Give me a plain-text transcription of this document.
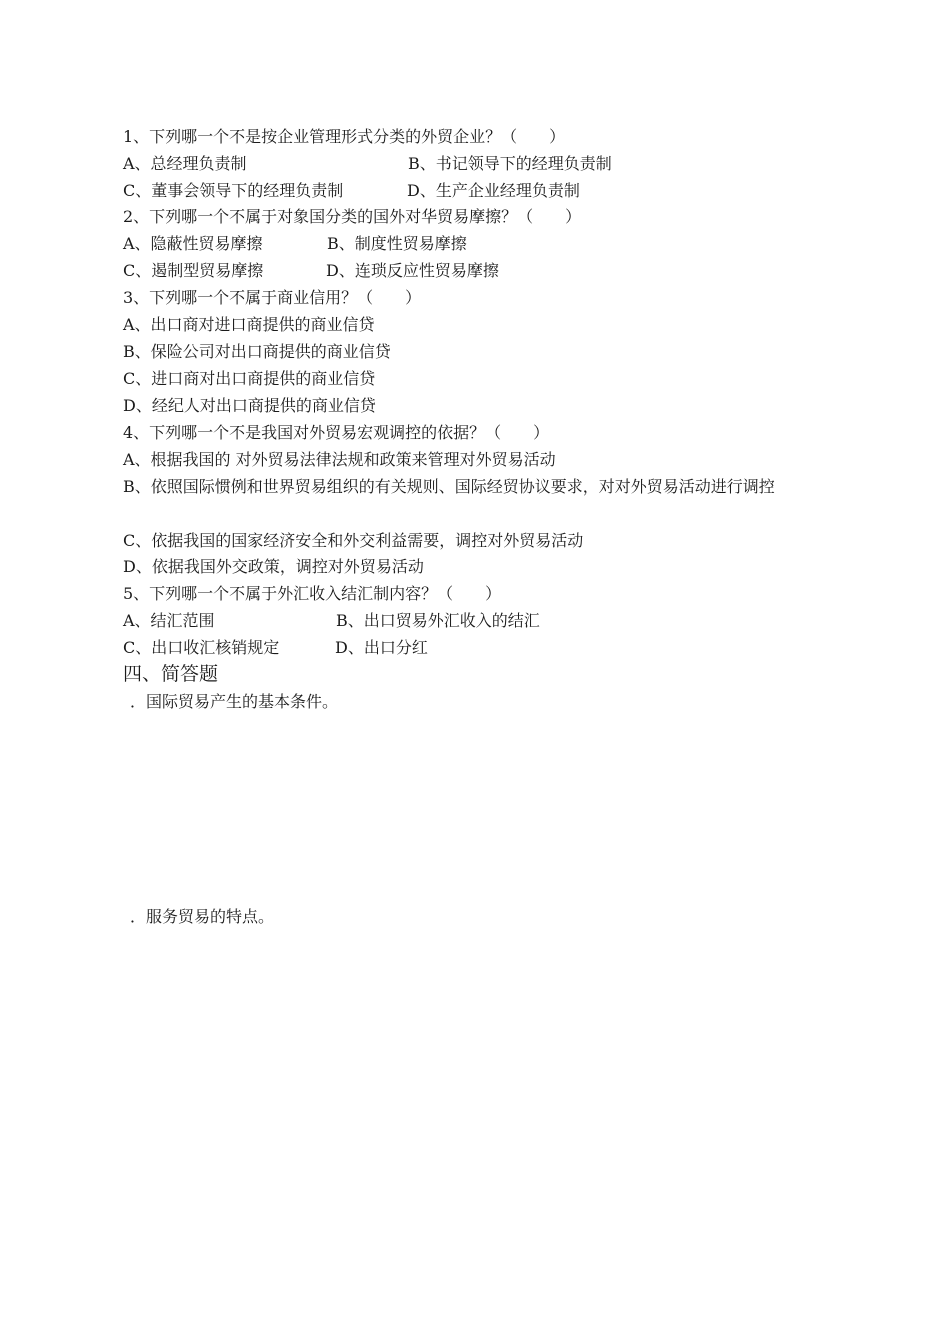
1、下列哪一个不是按企业管理形式分类的外贸企业？（　　）
A、总经理负责制	B、书记领导下的经理负责制
C、董事会领导下的经理负责制	D、生产企业经理负责制
2、下列哪一个不属于对象国分类的国外对华贸易摩擦？（　　）
A、隐蔽性贸易摩擦	B、制度性贸易摩擦
C、遏制型贸易摩擦	D、连琐反应性贸易摩擦
3、下列哪一个不属于商业信用？（　　）
A、出口商对进口商提供的商业信贷
B、保险公司对出口商提供的商业信贷
C、进口商对出口商提供的商业信贷
D、经纪人对出口商提供的商业信贷
4、下列哪一个不是我国对外贸易宏观调控的依据？（　　）
A、根据我国的 对外贸易法律法规和政策来管理对外贸易活动
B、依照国际惯例和世界贸易组织的有关规则、国际经贸协议要求，对对外贸易活动进行调控
C、依据我国的国家经济安全和外交利益需要，调控对外贸易活动
D、依据我国外交政策，调控对外贸易活动
5、下列哪一个不属于外汇收入结汇制内容？（　　）
A、结汇范围	B、出口贸易外汇收入的结汇
C、出口收汇核销规定	D、出口分红
四、简答题
．国际贸易产生的基本条件。
．服务贸易的特点。
